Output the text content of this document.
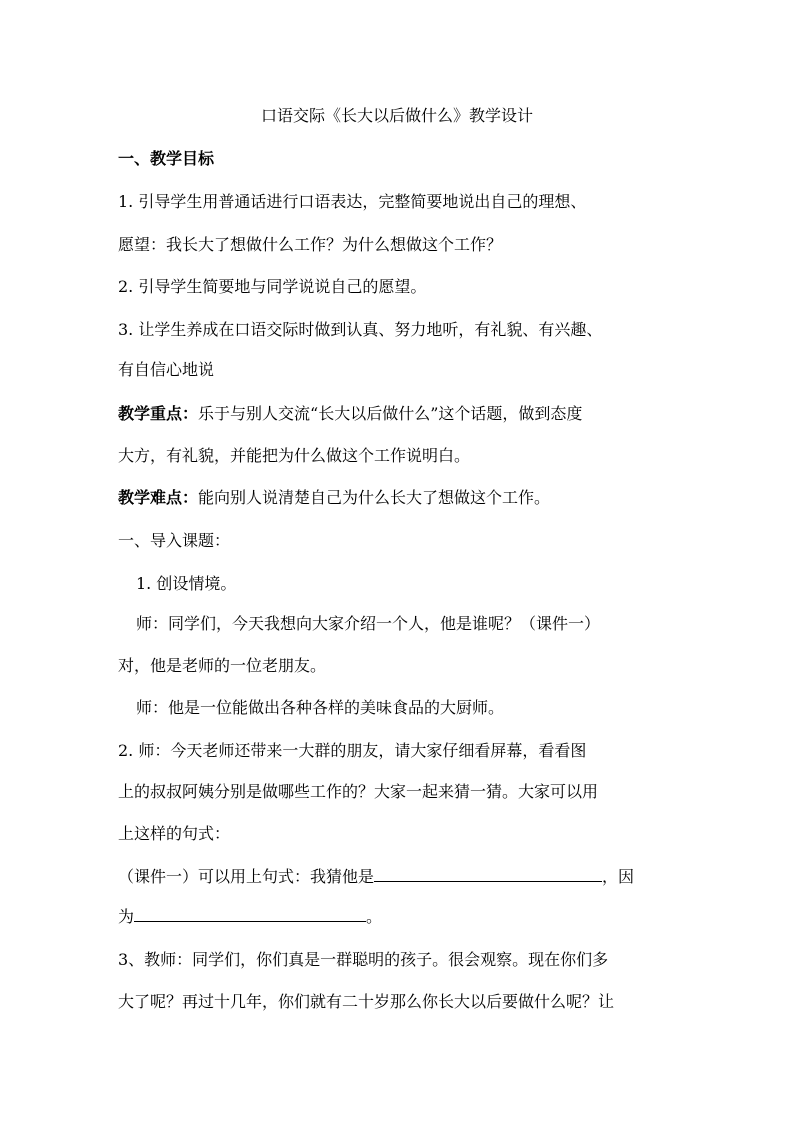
口语交际《长大以后做什么》教学设计
一、教学目标
1. 引导学生用普通话进行口语表达，完整简要地说出自己的理想、
愿望：我长大了想做什么工作？为什么想做这个工作？
2. 引导学生简要地与同学说说自己的愿望。
3. 让学生养成在口语交际时做到认真、努力地听，有礼貌、有兴趣、
有自信心地说
教学重点：乐于与别人交流“长大以后做什么”这个话题，做到态度
大方，有礼貌，并能把为什么做这个工作说明白。
教学难点：能向别人说清楚自己为什么长大了想做这个工作。
一、导入课题：
1. 创设情境。
师：同学们，今天我想向大家介绍一个人，他是谁呢？（课件一）
对，他是老师的一位老朋友。
师：他是一位能做出各种各样的美味食品的大厨师。
2. 师：今天老师还带来一大群的朋友，请大家仔细看屏幕，看看图
上的叔叔阿姨分别是做哪些工作的？大家一起来猜一猜。大家可以用
上这样的句式：
（课件一）可以用上句式：我猜他是	，因
为	。
3、教师：同学们，你们真是一群聪明的孩子。很会观察。现在你们多
大了呢？再过十几年，你们就有二十岁那么你长大以后要做什么呢？让
